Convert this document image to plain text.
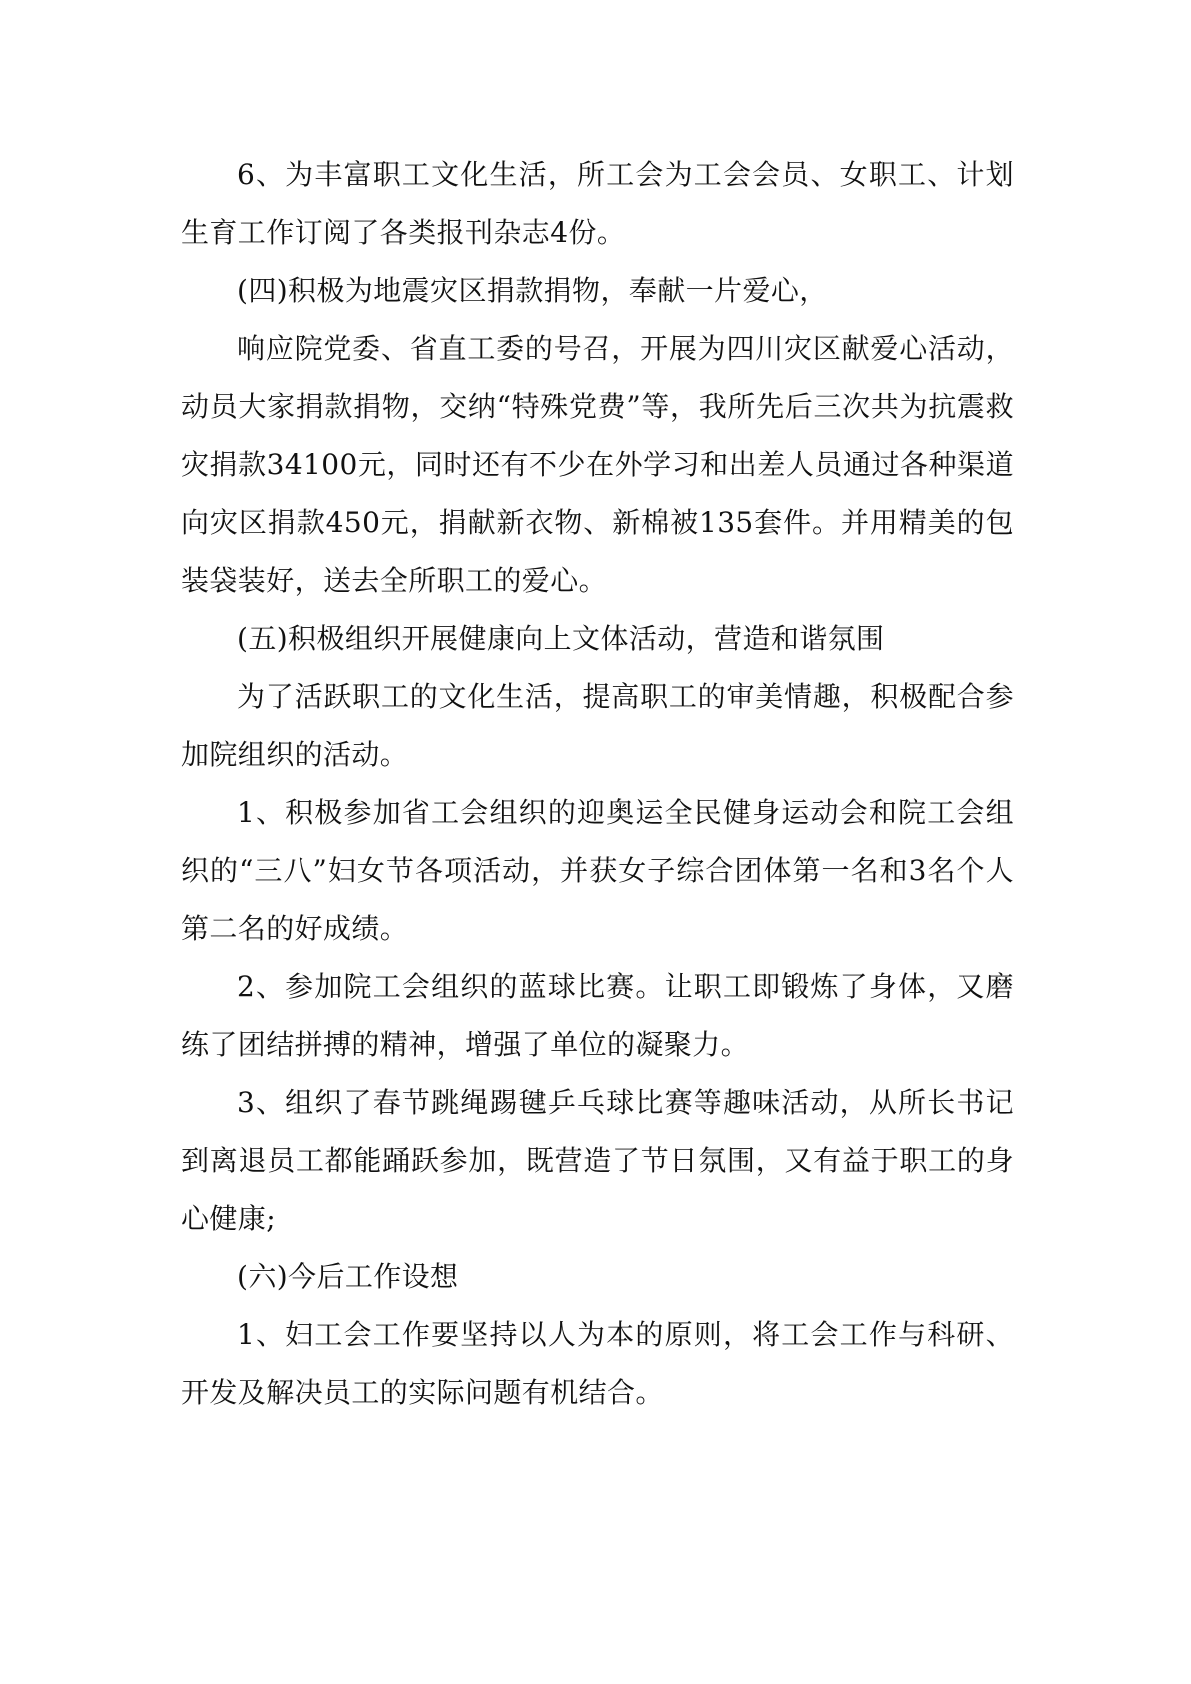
6、为丰富职工文化生活，所工会为工会会员、女职工、计划生育工作订阅了各类报刊杂志4份。

(四)积极为地震灾区捐款捐物，奉献一片爱心，

响应院党委、省直工委的号召，开展为四川灾区献爱心活动，动员大家捐款捐物，交纳“特殊党费”等，我所先后三次共为抗震救灾捐款34100元，同时还有不少在外学习和出差人员通过各种渠道向灾区捐款450元，捐献新衣物、新棉被135套件。并用精美的包装袋装好，送去全所职工的爱心。

(五)积极组织开展健康向上文体活动，营造和谐氛围

为了活跃职工的文化生活，提高职工的审美情趣，积极配合参加院组织的活动。

1、积极参加省工会组织的迎奥运全民健身运动会和院工会组织的“三八”妇女节各项活动，并获女子综合团体第一名和3名个人第二名的好成绩。

2、参加院工会组织的蓝球比赛。让职工即锻炼了身体，又磨练了团结拼搏的精神，增强了单位的凝聚力。

3、组织了春节跳绳踢毽乒乓球比赛等趣味活动，从所长书记到离退员工都能踊跃参加，既营造了节日氛围，又有益于职工的身心健康;

(六)今后工作设想

1、妇工会工作要坚持以人为本的原则，将工会工作与科研、开发及解决员工的实际问题有机结合。
